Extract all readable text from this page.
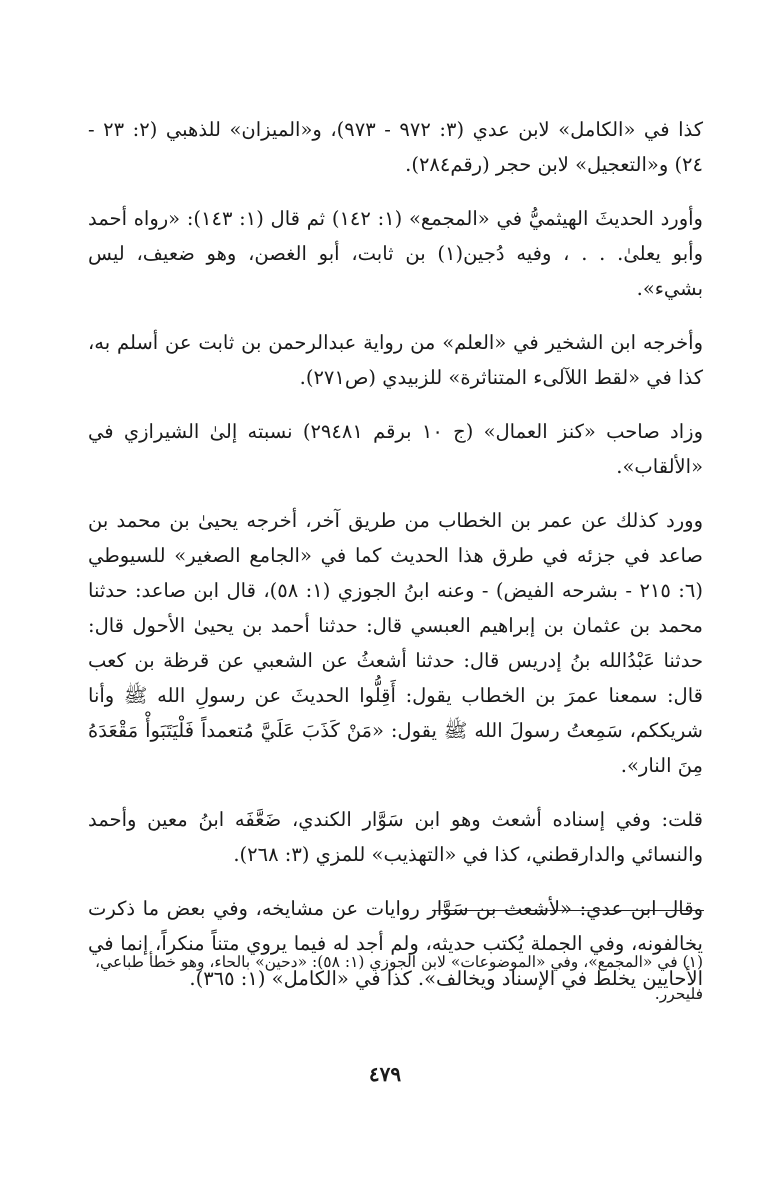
كذا في «الكامل» لابن عدي (٣: ٩٧٢ - ٩٧٣)، و«الميزان» للذهبي (٢: ٢٣ - ٢٤) و«التعجيل» لابن حجر (رقم٢٨٤).

وأورد الحديثَ الهيثميُّ في «المجمع» (١: ١٤٢) ثم قال (١: ١٤٣): «رواه أحمد وأبو يعلىٰ. . . ، وفيه دُجين(١) بن ثابت، أبو الغصن، وهو ضعيف، ليس بشيء».

وأخرجه ابن الشخير في «العلم» من رواية عبدالرحمن بن ثابت عن أسلم به، كذا في «لقط اللآلىء المتناثرة» للزبيدي (ص٢٧١).

وزاد صاحب «كنز العمال» (ج ١٠ برقم ٢٩٤٨١) نسبته إلىٰ الشيرازي في «الألقاب».

وورد كذلك عن عمر بن الخطاب من طريق آخر، أخرجه يحيىٰ بن محمد بن صاعد في جزئه في طرق هذا الحديث كما في «الجامع الصغير» للسيوطي (٦: ٢١٥ - بشرحه الفيض) - وعنه ابنُ الجوزي (١: ٥٨)، قال ابن صاعد: حدثنا محمد بن عثمان بن إبراهيم العبسي قال: حدثنا أحمد بن يحيىٰ الأحول قال: حدثنا عَبْدُالله بنُ إدريس قال: حدثنا أشعثُ عن الشعبي عن قرظة بن كعب قال: سمعنا عمرَ بن الخطاب يقول: أَقِلُّوا الحديثَ عن رسولِ الله ﷺ وأنا شريككم، سَمِعتُ رسولَ الله ﷺ يقول: «مَنْ كَذَبَ عَلَيَّ مُتعمداً فَلْيَتَبَوأْ مَقْعَدَهُ مِنَ النار».

قلت: وفي إسناده أشعث وهو ابن سَوَّار الكندي، ضَعَّفَه ابنُ معين وأحمد والنسائي والدارقطني، كذا في «التهذيب» للمزي (٣: ٢٦٨).

وقال ابن عدي: «لأشعث بن سَوَّار روايات عن مشايخه، وفي بعض ما ذكرت يخالفونه، وفي الجملة يُكتب حديثه، ولم أجد له فيما يروي متناً منكراً، إنما في الأحايين يخلط في الإسناد ويخالف». كذا في «الكامل» (١: ٣٦٥).

(١) في «المجمع»، وفي «الموضوعات» لابن الجوزي (١: ٥٨): «دحين» بالحاء، وهو خطأ طباعي، فليحرر.
٤٧٩
